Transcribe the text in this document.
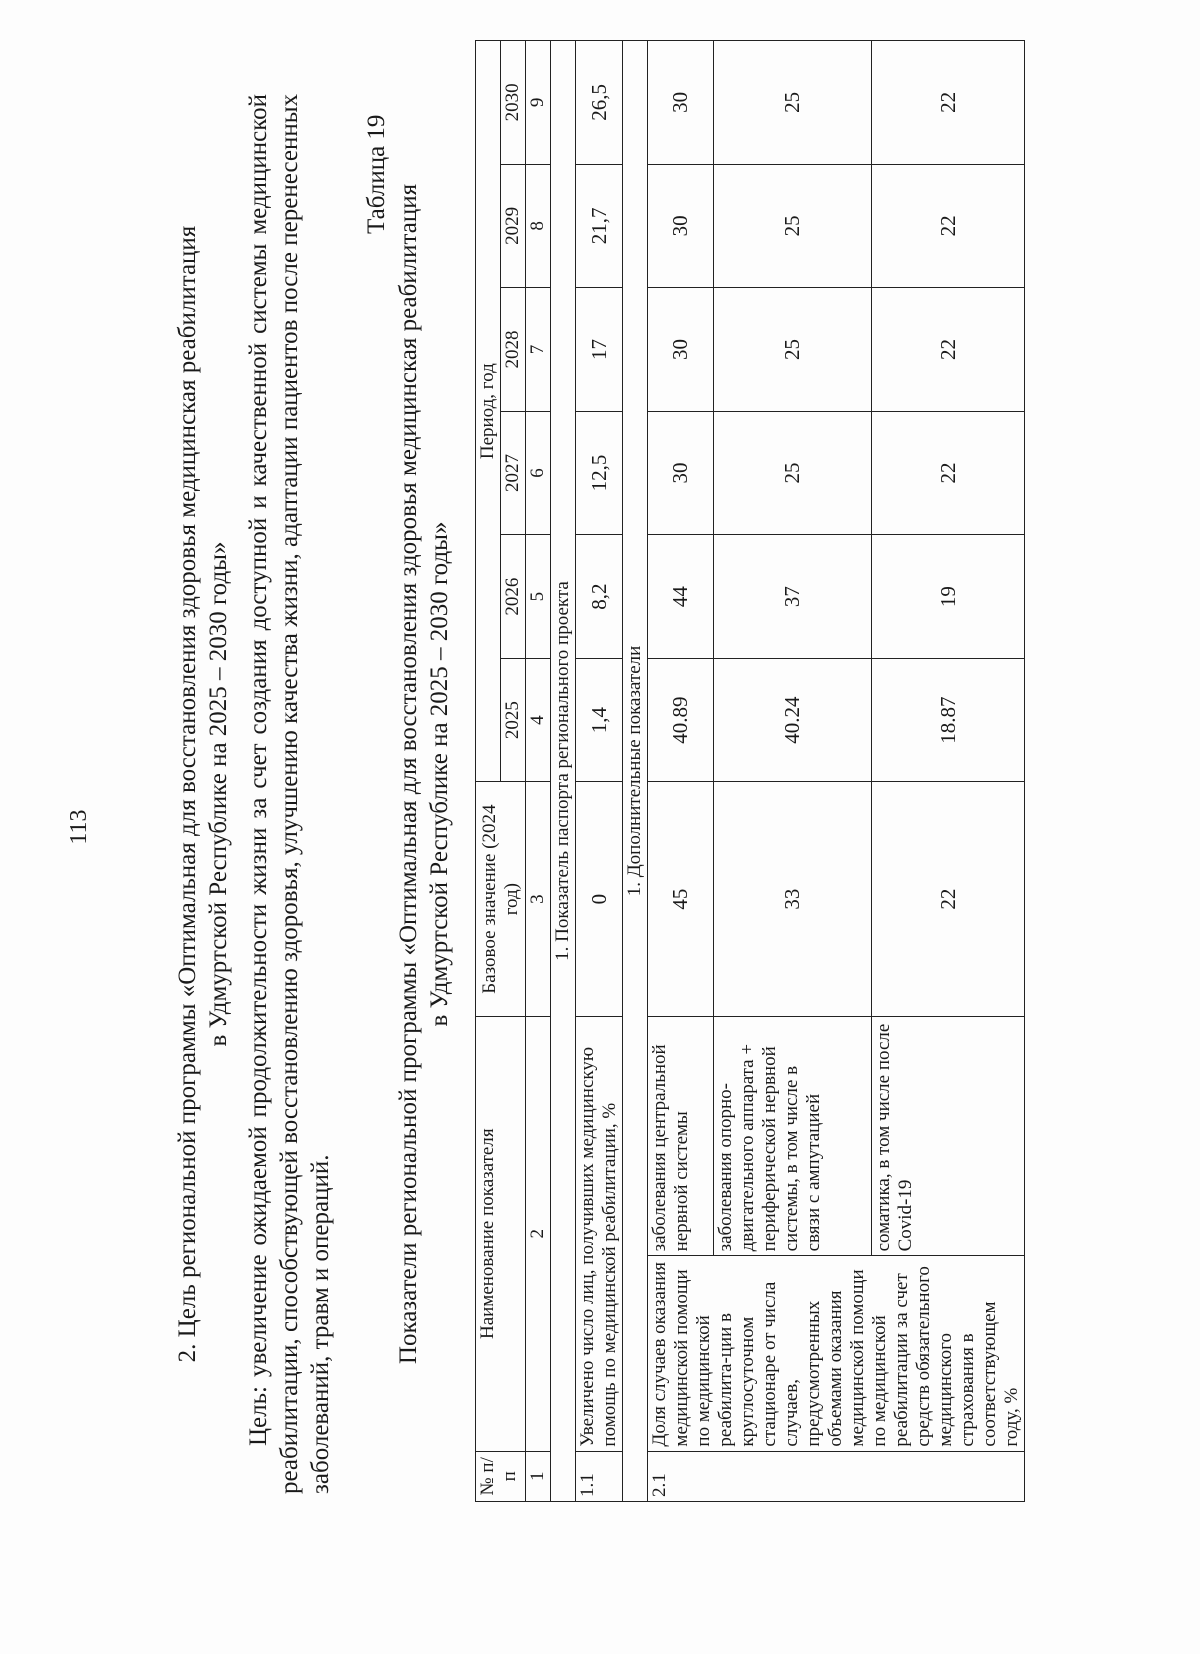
113	2. Цель региональной программы «Оптимальная для восстановления здоровья медицинская реабилитация в Удмуртской Республике на 2025 – 2030 годы» Цель: увеличение ожидаемой продолжительности жизни за счет создания доступной и качественной системы медицинской реабилитации, способствующей восстановлению здоровья, улучшению качества жизни, адаптации пациентов после перенесенных заболеваний, травм и операций.
Таблица 19
Показатели региональной программы «Оптимальная для восстановления здоровья медицинская реабилитация в Удмуртской Республике на 2025 – 2030 годы»
№ п/п	Наименование показателя		Базовое значение (2024 год)	Период, год					
				2025	2026	2027	2028	2029	2030
1	2		3	4	5	6	7	8	9
1. Показатель паспорта регионального проекта									
1.1	Увеличено число лиц, получивших медицинскую помощь по медицинской реабилитации, %		0	1,4	8,2	12,5	17	21,7	26,5
1. Дополнительные показатели									
2.1	Доля случаев оказания медицинской помощи по медицинской реабилита-ции в круглосуточном стационаре от числа случаев, предусмотренных объемами оказания медицинской помощи по медицинской реабилитации за счет средств обязательного медицинского страхования в соответствующем году, %	заболевания центральной нервной системы	45	40.89	44	30	30	30	30
		заболевания опорно-двигательного аппарата + периферической нервной системы, в том числе в связи с ампутацией	33	40.24	37	25	25	25	25
		соматика, в том числе после Covid-19	22	18.87	19	22	22	22	22
